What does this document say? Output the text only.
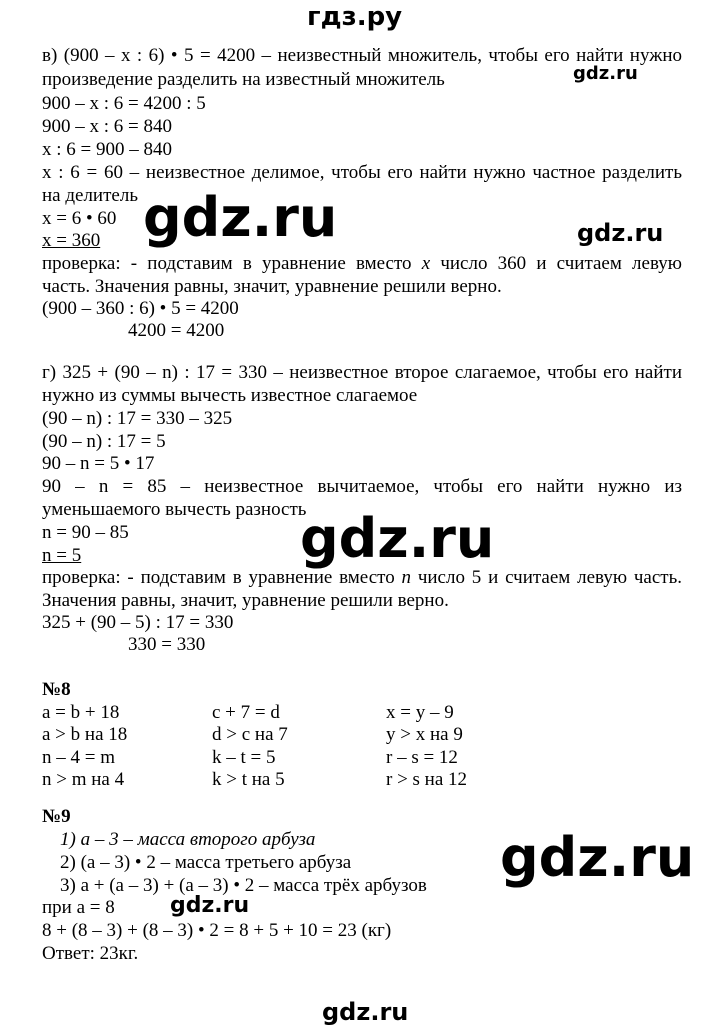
гдз.ру
в) (900 – x : 6) • 5 = 4200 – неизвестный множитель, чтобы его найти нужно
произведение разделить на известный множитель	gdz.ru
900 – x : 6 = 4200 : 5
900 – x : 6 = 840
x : 6 = 900 – 840
x : 6 = 60 – неизвестное делимое, чтобы его найти нужно частное разделить
на делитель
x = 6 • 60 gdz.ru	gdz.ru
x = 360
проверка: - подставим в уравнение вместо x число 360 и считаем левую
часть. Значения равны, значит, уравнение решили верно.
(900 – 360 : 6) • 5 = 4200
4200 = 4200
г) 325 + (90 – n) : 17 = 330 – неизвестное второе слагаемое, чтобы его найти
нужно из суммы вычесть известное слагаемое
(90 – n) : 17 = 330 – 325
(90 – n) : 17 = 5
90 – n = 5 • 17
90 – n = 85 – неизвестное вычитаемое, чтобы его найти нужно из
уменьшаемого вычесть разность
n = 90 – 85	gdz.ru
n = 5
проверка: - подставим в уравнение вместо n число 5 и считаем левую часть.
Значения равны, значит, уравнение решили верно.
325 + (90 – 5) : 17 = 330
330 = 330
№8
a = b + 18	c + 7 = d	x = y – 9
a > b на 18	d > c на 7	y > x на 9
n – 4 = m	k – t = 5	r – s = 12
n > m на 4	k > t на 5	r > s на 12
№9
1) a – 3 – масса второго арбуза
2) (a – 3) • 2 – масса третьего арбуза
3) a + (a – 3) + (a – 3) • 2 – масса трёх арбузов gdz.ru
gdz.ru
при a = 8
8 + (8 – 3) + (8 – 3) • 2 = 8 + 5 + 10 = 23 (кг)
Ответ: 23кг.
gdz.ru
